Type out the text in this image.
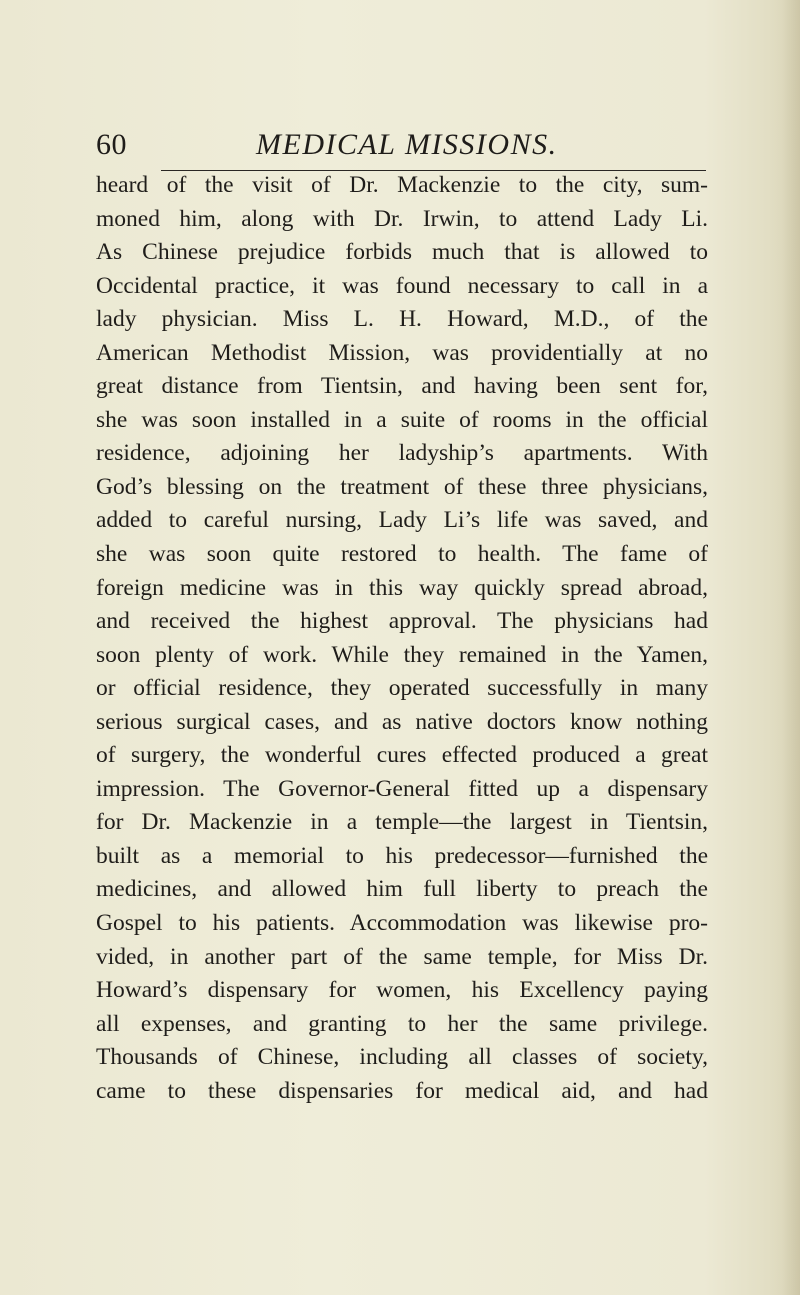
60	MEDICAL MISSIONS.
heard of the visit of Dr. Mackenzie to the city, sum-
moned him, along with Dr. Irwin, to attend Lady Li.
As Chinese prejudice forbids much that is allowed to
Occidental practice, it was found necessary to call in a
lady physician. Miss L. H. Howard, M.D., of the
American Methodist Mission, was providentially at no
great distance from Tientsin, and having been sent for,
she was soon installed in a suite of rooms in the official
residence, adjoining her ladyship’s apartments. With
God’s blessing on the treatment of these three physicians,
added to careful nursing, Lady Li’s life was saved, and
she was soon quite restored to health. The fame of
foreign medicine was in this way quickly spread abroad,
and received the highest approval. The physicians had
soon plenty of work. While they remained in the Yamen,
or official residence, they operated successfully in many
serious surgical cases, and as native doctors know nothing
of surgery, the wonderful cures effected produced a great
impression. The Governor-General fitted up a dispensary
for Dr. Mackenzie in a temple—the largest in Tientsin,
built as a memorial to his predecessor—furnished the
medicines, and allowed him full liberty to preach the
Gospel to his patients. Accommodation was likewise pro-
vided, in another part of the same temple, for Miss Dr.
Howard’s dispensary for women, his Excellency paying
all expenses, and granting to her the same privilege.
Thousands of Chinese, including all classes of society,
came to these dispensaries for medical aid, and had
